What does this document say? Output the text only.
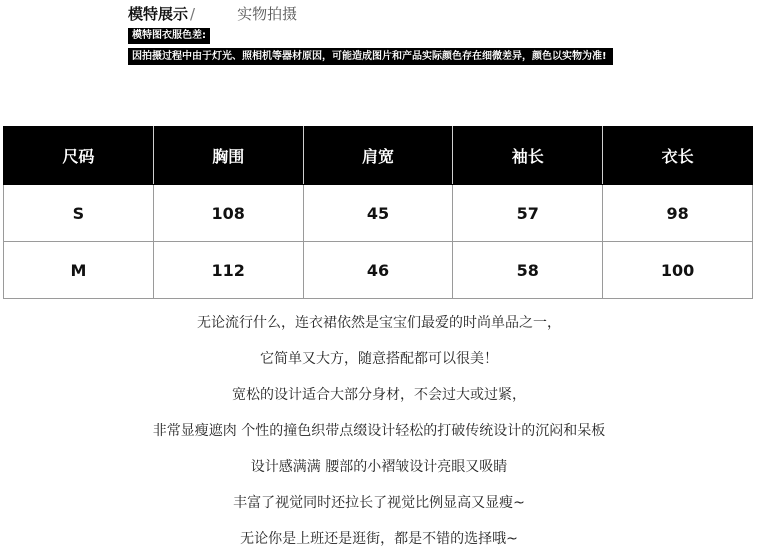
模特展示 /	实物拍摄
模特图衣服色差:
因拍摄过程中由于灯光、照相机等器材原因，可能造成图片和产品实际颜色存在细微差异，颜色以实物为准!
尺码	胸围	肩宽	袖长	衣长
S	108	45	57	98
M	112	46	58	100

无论流行什么，连衣裙依然是宝宝们最爱的时尚单品之一，

它简单又大方，随意搭配都可以很美！

宽松的设计适合大部分身材，不会过大或过紧，

非常显瘦遮肉 个性的撞色织带点缀设计轻松的打破传统设计的沉闷和呆板

设计感满满 腰部的小褶皱设计亮眼又吸睛

丰富了视觉同时还拉长了视觉比例显高又显瘦~

无论你是上班还是逛街，都是不错的选择哦~
